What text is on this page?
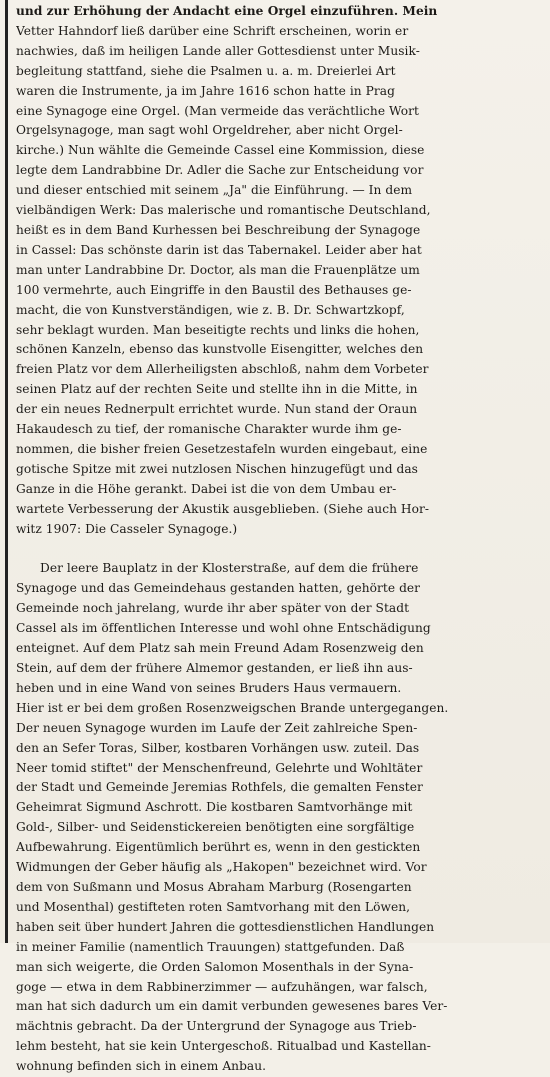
und zur Erhöhung der Andacht eine Orgel einzuführen. Mein
Vetter Hahndorf ließ darüber eine Schrift erscheinen, worin er
nachwies, daß im heiligen Lande aller Gottesdienst unter Musik-
begleitung stattfand, siehe die Psalmen u. a. m. Dreierlei Art
waren die Instrumente, ja im Jahre 1616 schon hatte in Prag
eine Synagoge eine Orgel. (Man vermeide das verächtliche Wort
Orgelsynagoge, man sagt wohl Orgeldreher, aber nicht Orgel-
kirche.) Nun wählte die Gemeinde Cassel eine Kommission, diese
legte dem Landrabbine Dr. Adler die Sache zur Entscheidung vor
und dieser entschied mit seinem „Ja" die Einführung. — In dem
vielbändigen Werk: Das malerische und romantische Deutschland,
heißt es in dem Band Kurhessen bei Beschreibung der Synagoge
in Cassel: Das schönste darin ist das Tabernakel. Leider aber hat
man unter Landrabbine Dr. Doctor, als man die Frauenplätze um
100 vermehrte, auch Eingriffe in den Baustil des Bethauses ge-
macht, die von Kunstverständigen, wie z. B. Dr. Schwartzkopf,
sehr beklagt wurden. Man beseitigte rechts und links die hohen,
schönen Kanzeln, ebenso das kunstvolle Eisengitter, welches den
freien Platz vor dem Allerheiligsten abschloß, nahm dem Vorbeter
seinen Platz auf der rechten Seite und stellte ihn in die Mitte, in
der ein neues Rednerpult errichtet wurde. Nun stand der Oraun
Hakaudesch zu tief, der romanische Charakter wurde ihm ge-
nommen, die bisher freien Gesetzestafeln wurden eingebaut, eine
gotische Spitze mit zwei nutzlosen Nischen hinzugefügt und das
Ganze in die Höhe gerankt. Dabei ist die von dem Umbau er-
wartete Verbesserung der Akustik ausgeblieben. (Siehe auch Hor-
witz 1907: Die Casseler Synagoge.)
Der leere Bauplatz in der Klosterstraße, auf dem die frühere
Synagoge und das Gemeindehaus gestanden hatten, gehörte der
Gemeinde noch jahrelang, wurde ihr aber später von der Stadt
Cassel als im öffentlichen Interesse und wohl ohne Entschädigung
enteignet. Auf dem Platz sah mein Freund Adam Rosenzweig den
Stein, auf dem der frühere Almemor gestanden, er ließ ihn aus-
heben und in eine Wand von seines Bruders Haus vermauern.
Hier ist er bei dem großen Rosenzweigschen Brande untergegangen.
Der neuen Synagoge wurden im Laufe der Zeit zahlreiche Spen-
den an Sefer Toras, Silber, kostbaren Vorhängen usw. zuteil. Das
Neer tomid stiftet" der Menschenfreund, Gelehrte und Wohltäter
der Stadt und Gemeinde Jeremias Rothfels, die gemalten Fenster
Geheimrat Sigmund Aschrott. Die kostbaren Samtvorhänge mit
Gold-, Silber- und Seidenstickereien benötigten eine sorgfältige
Aufbewahrung. Eigentümlich berührt es, wenn in den gestickten
Widmungen der Geber häufig als „Hakopen" bezeichnet wird. Vor
dem von Sußmann und Mosus Abraham Marburg (Rosengarten
und Mosenthal) gestifteten roten Samtvorhang mit den Löwen,
haben seit über hundert Jahren die gottesdienstlichen Handlungen
in meiner Familie (namentlich Trauungen) stattgefunden. Daß
man sich weigerte, die Orden Salomon Mosenthals in der Syna-
goge — etwa in dem Rabbinerzimmer — aufzuhängen, war falsch,
man hat sich dadurch um ein damit verbunden gewesenes bares Ver-
mächtnis gebracht. Da der Untergrund der Synagoge aus Trieb-
lehm besteht, hat sie kein Untergeschoß. Ritualbad und Kastellan-
wohnung befinden sich in einem Anbau.
